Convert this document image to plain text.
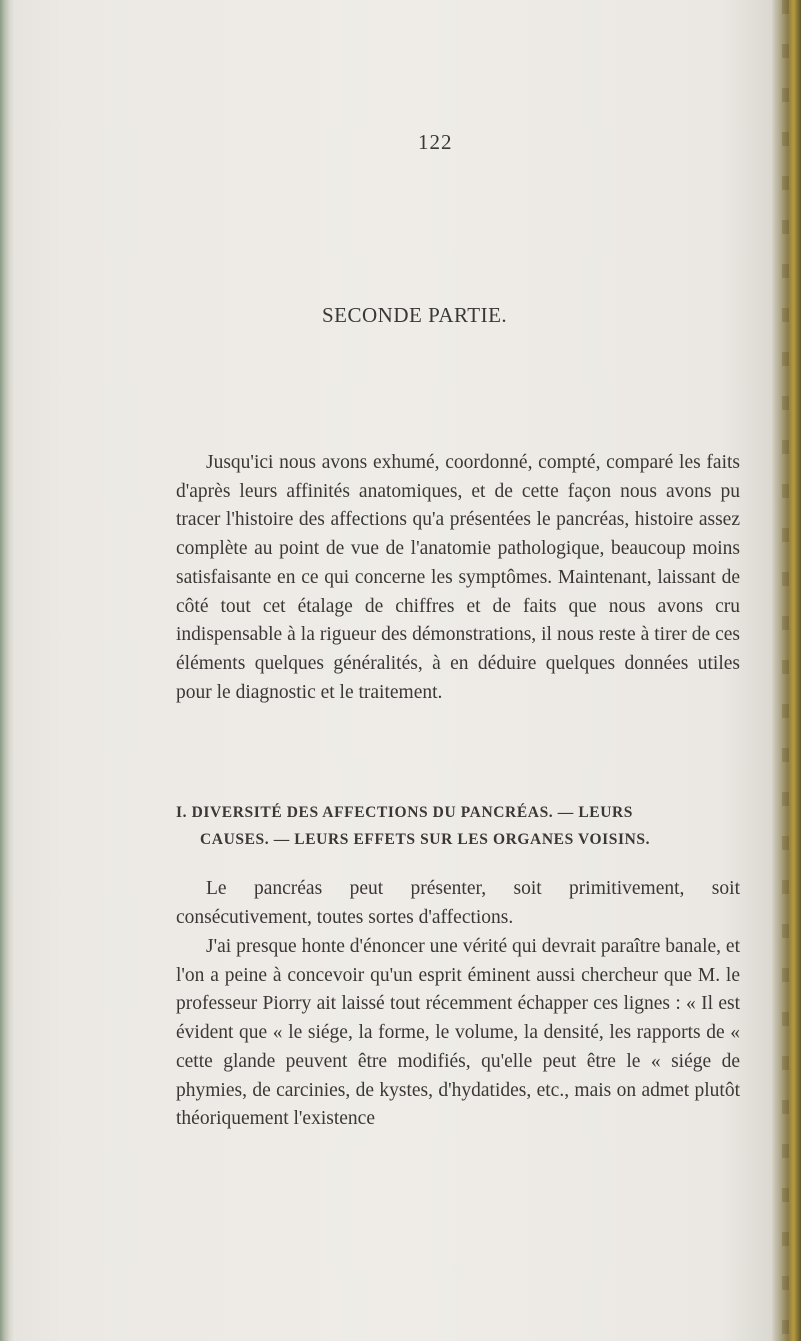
122
SECONDE PARTIE.

Jusqu'ici nous avons exhumé, coordonné, compté, comparé les faits d'après leurs affinités anatomiques, et de cette façon nous avons pu tracer l'histoire des affections qu'a présentées le pancréas, histoire assez complète au point de vue de l'anatomie pathologique, beaucoup moins satisfaisante en ce qui concerne les symptômes. Maintenant, laissant de côté tout cet étalage de chiffres et de faits que nous avons cru indispensable à la rigueur des démonstrations, il nous reste à tirer de ces éléments quelques généralités, à en déduire quelques données utiles pour le diagnostic et le traitement.

I. DIVERSITÉ DES AFFECTIONS DU PANCRÉAS. — LEURS
CAUSES. — LEURS EFFETS SUR LES ORGANES VOISINS.

Le pancréas peut présenter, soit primitivement, soit consécutivement, toutes sortes d'affections.

J'ai presque honte d'énoncer une vérité qui devrait paraître banale, et l'on a peine à concevoir qu'un esprit éminent aussi chercheur que M. le professeur Piorry ait laissé tout récemment échapper ces lignes : « Il est évident que « le siége, la forme, le volume, la densité, les rapports de « cette glande peuvent être modifiés, qu'elle peut être le « siége de phymies, de carcinies, de kystes, d'hydatides, etc., mais on admet plutôt théoriquement l'existence
